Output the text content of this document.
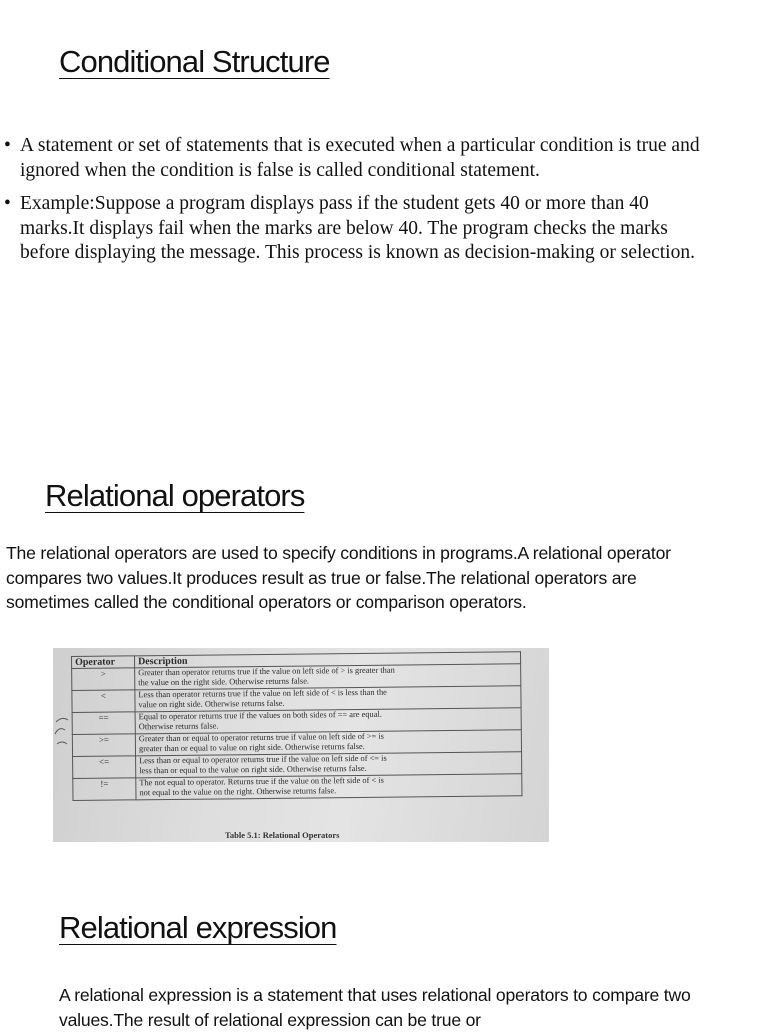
Conditional Structure
• A statement or set of statements that is executed when a particular condition is true and ignored when the condition is false is called conditional statement.
• Example:Suppose a program displays pass if the student gets 40 or more than 40 marks.It displays fail when the marks are below 40. The program checks the marks before displaying the message. This process is known as decision-making or selection.
Relational operators

The relational operators are used to specify conditions in programs.A relational operator compares two values.It produces result as true or false.The relational operators are sometimes called the conditional operators or comparison operators.

Operator	Description
>	Greater than operator returns true if the value on left side of > is greater than
the value on the right side. Otherwise returns false.

<	Less than operator returns true if the value on left side of < is less than the
value on right side. Otherwise returns false.

==	Equal to operator returns true if the values on both sides of == are equal.
Otherwise returns false.

>=	Greater than or equal to operator returns true if value on left side of >= is
greater than or equal to value on right side. Otherwise returns false.

<=	Less than or equal to operator returns true if the value on left side of <= is
less than or equal to the value on right side. Otherwise returns false.

!=	The not equal to operator. Returns true if the value on the left side of < is
not equal to the value on the right. Otherwise returns false.
Table 5.1: Relational Operators
Relational expression

A relational expression is a statement that uses relational operators to compare two values.The result of relational expression can be true or
